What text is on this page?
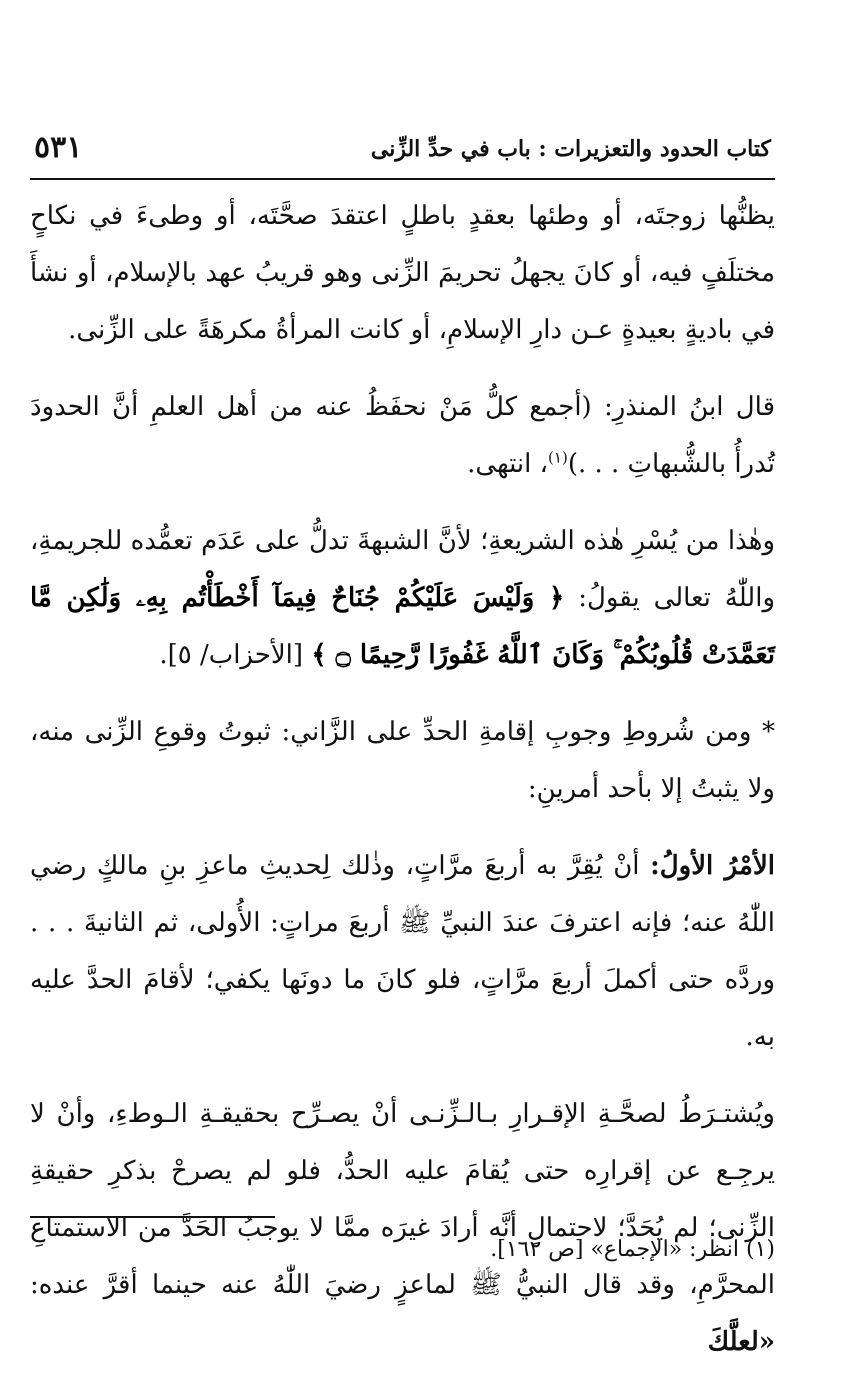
كتاب الحدود والتعزيرات : باب في حدِّ الزِّنى
٥٣١

يظنُّها زوجتَه، أو وطئها بعقدٍ باطلٍ اعتقدَ صحَّتَه، أو وطىءَ في نكاحٍ مختلَفٍ فيه، أو كانَ يجهلُ تحريمَ الزِّنى وهو قريبُ عهد بالإسلام، أو نشأَ في باديةٍ بعيدةٍ عـن دارِ الإسلامِ، أو كانت المرأةُ مكرهَةً على الزِّنى.

قال ابنُ المنذرِ: (أجمع كلُّ مَنْ نحفَظُ عنه من أهل العلمِ أنَّ الحدودَ تُدرأُ بالشُّبهاتِ . . .)$^{(١)}$، انتهى.

وهٰذا من يُسْرِ هٰذه الشريعةِ؛ لأنَّ الشبهةَ تدلُّ على عَدَم تعمُّده للجريمةِ، واللّٰهُ تعالى يقولُ: ﴿ وَلَيْسَ عَلَيْكُمْ جُنَاحٌ فِيمَآ أَخْطَأْتُم بِهِۦ وَلَٰكِن مَّا تَعَمَّدَتْ قُلُوبُكُمْ ۚ وَكَانَ ٱللَّهُ غَفُورًا رَّحِيمًا ۝ ﴾ [الأحزاب/ ٥].

* ومن شُروطِ وجوبِ إقامةِ الحدِّ على الزَّاني: ثبوتُ وقوعِ الزِّنى منه، ولا يثبتُ إلا بأحد أمرينِ:

الأمْرُ الأولُ: أنْ يُقِرَّ به أربعَ مرَّاتٍ، وذٰلك لِحديثِ ماعزِ بنِ مالكٍ رضي اللّٰهُ عنه؛ فإنه اعترفَ عندَ النبيِّ ﷺ أربعَ مراتٍ: الأُولى، ثم الثانيةَ . . . وردَّه حتى أكملَ أربعَ مرَّاتٍ، فلو كانَ ما دونَها يكفي؛ لأقامَ الحدَّ عليه به.

ويُشتـرَطُ لصحَّـةِ الإقـرارِ بـالـزِّنـى أنْ يصـرِّح بحقيقـةِ الـوطءِ، وأنْ لا يرجِـع عن إقرارِه حتى يُقامَ عليه الحدُّ، فلو لم يصرحْ بذكرِ حقيقةِ الزِّنى؛ لم يُحَدَّ؛ لاحتمالِ أنَّه أرادَ غيرَه ممَّا لا يوجبُ الحَدَّ من الاستمتاعِ المحرَّمِ، وقد قال النبيُّ ﷺ لماعزٍ رضيَ اللّٰهُ عنه حينما أقرَّ عنده: «لعلَّكَ

(١) انظر: «الإجماع» [ص ١٦٢].
